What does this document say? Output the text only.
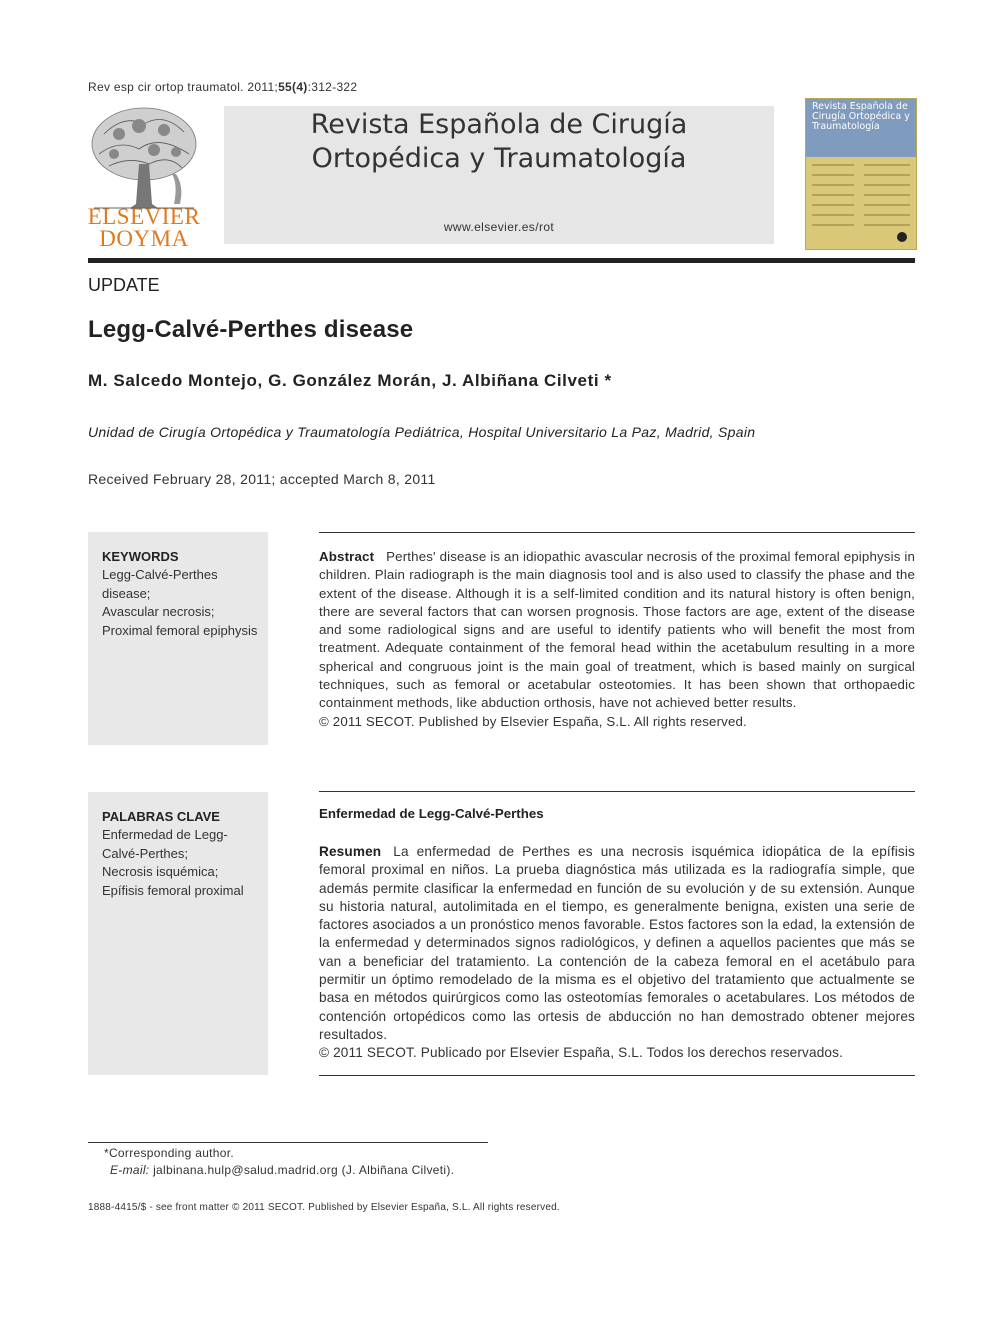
Rev esp cir ortop traumatol. 2011;55(4):312-322
ELSEVIER
DOYMA
Revista Española de Cirugía
Ortopédica y Traumatología
www.elsevier.es/rot
Revista Española de Cirugía Ortopédica y Traumatología
UPDATE
Legg-Calvé-Perthes disease
M. Salcedo Montejo, G. González Morán, J. Albiñana Cilveti *
Unidad de Cirugía Ortopédica y Traumatología Pediátrica, Hospital Universitario La Paz, Madrid, Spain
Received February 28, 2011; accepted March 8, 2011
KEYWORDS
Legg-Calvé-Perthes disease;
Avascular necrosis;
Proximal femoral epiphysis
Abstract Perthes' disease is an idiopathic avascular necrosis of the proximal femoral epiphysis in children. Plain radiograph is the main diagnosis tool and is also used to classify the phase and the extent of the disease. Although it is a self-limited condition and its natural history is often benign, there are several factors that can worsen prognosis. Those factors are age, extent of the disease and some radiological signs and are useful to identify patients who will benefit the most from treatment. Adequate containment of the femoral head within the acetabulum resulting in a more spherical and congruous joint is the main goal of treatment, which is based mainly on surgical techniques, such as femoral or acetabular osteotomies. It has been shown that orthopaedic containment methods, like abduction orthosis, have not achieved better results.
© 2011 SECOT. Published by Elsevier España, S.L. All rights reserved.
PALABRAS CLAVE
Enfermedad de Legg-Calvé-Perthes;
Necrosis isquémica;
Epífisis femoral proximal
Enfermedad de Legg-Calvé-Perthes
Resumen La enfermedad de Perthes es una necrosis isquémica idiopática de la epífisis femoral proximal en niños. La prueba diagnóstica más utilizada es la radiografía simple, que además permite clasificar la enfermedad en función de su evolución y de su extensión. Aunque su historia natural, autolimitada en el tiempo, es generalmente benigna, existen una serie de factores asociados a un pronóstico menos favorable. Estos factores son la edad, la extensión de la enfermedad y determinados signos radiológicos, y definen a aquellos pacientes que más se van a beneficiar del tratamiento. La contención de la cabeza femoral en el acetábulo para permitir un óptimo remodelado de la misma es el objetivo del tratamiento que actualmente se basa en métodos quirúrgicos como las osteotomías femorales o acetabulares. Los métodos de contención ortopédicos como las ortesis de abducción no han demostrado obtener mejores resultados.
© 2011 SECOT. Publicado por Elsevier España, S.L. Todos los derechos reservados.
*Corresponding author.
E-mail: jalbinana.hulp@salud.madrid.org (J. Albiñana Cilveti).
1888-4415/$ - see front matter © 2011 SECOT. Published by Elsevier España, S.L. All rights reserved.
